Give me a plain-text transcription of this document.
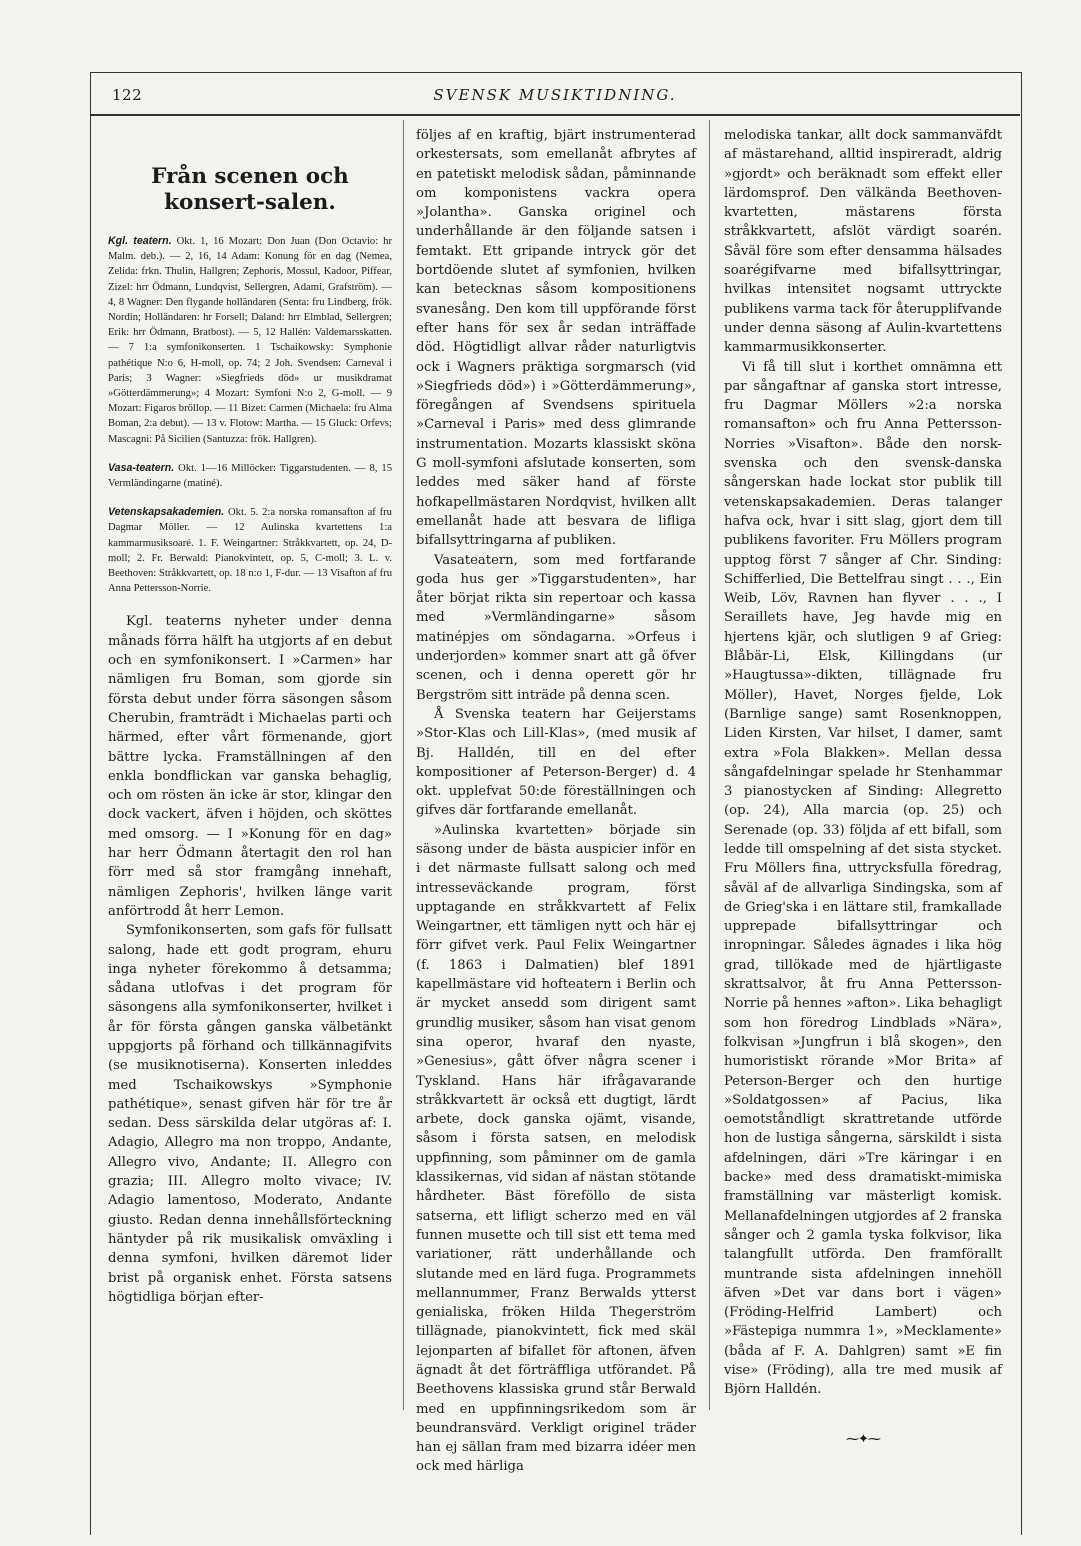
122	SVENSK MUSIKTIDNING.
Från scenen och konsert-salen.

Kgl. teatern. Okt. 1, 16 Mozart: Don Juan (Don Octavio: hr Malm. deb.). — 2, 16, 14 Adam: Konung för en dag (Nemea, Zelida: frkn. Thulin, Hallgren; Zephoris, Mossul, Kadoor, Piffear, Zizel: hrr Ödmann, Lundqvist, Sellergren, Adami, Grafström). — 4, 8 Wagner: Den flygande holländaren (Senta: fru Lindberg, frök. Nordin; Holländaren: hr Forsell; Daland: hrr Elmblad, Sellergren; Erik: hrr Ödmann, Bratbost). — 5, 12 Hallén: Valdemarsskatten. — 7 1:a symfonikonserten. 1 Tschaikowsky: Symphonie pathétique N:o 6, H-moll, op. 74; 2 Joh. Svendsen: Carneval i Paris; 3 Wagner: »Siegfrieds död» ur musikdramat »Götterdämmerung»; 4 Mozart: Symfoni N:o 2, G-moll. — 9 Mozart: Figaros bröllop. — 11 Bizet: Carmen (Michaela: fru Alma Boman, 2:a debut). — 13 v. Flotow: Martha. — 15 Gluck: Orfevs; Mascagni: På Sicilien (Santuzza: frök. Hallgren).

Vasa-teatern. Okt. 1—16 Millöcker: Tiggarstudenten. — 8, 15 Vermländingarne (matiné).

Vetenskapsakademien. Okt. 5. 2:a norska romansafton af fru Dagmar Möller. — 12 Aulinska kvartettens 1:a kammarmusiksoaré. 1. F. Weingartner: Stråkkvartett, op. 24, D-moll; 2. Fr. Berwald: Pianokvintett, op. 5, C-moll; 3. L. v. Beethoven: Stråkkvartett, op. 18 n:o 1, F-dur. — 13 Visafton af fru Anna Pettersson-Norrie.

Kgl. teaterns nyheter under denna månads förra hälft ha utgjorts af en debut och en symfonikonsert. I »Carmen» har nämligen fru Boman, som gjorde sin första debut under förra säsongen såsom Cherubin, framträdt i Michaelas parti och härmed, efter vårt förmenande, gjort bättre lycka. Framställningen af den enkla bondflickan var ganska behaglig, och om rösten än icke är stor, klingar den dock vackert, äfven i höjden, och sköttes med omsorg. — I »Konung för en dag» har herr Ödmann återtagit den rol han förr med så stor framgång innehaft, nämligen Zephoris', hvilken länge varit anförtrodd åt herr Lemon.

Symfonikonserten, som gafs för fullsatt salong, hade ett godt program, ehuru inga nyheter förekommo å detsamma; sådana utlofvas i det program för säsongens alla symfonikonserter, hvilket i år för första gången ganska välbetänkt uppgjorts på förhand och tillkännagifvits (se musiknotiserna). Konserten inleddes med Tschaikowskys »Symphonie pathétique», senast gifven här för tre år sedan. Dess särskilda delar utgöras af: I. Adagio, Allegro ma non troppo, Andante, Allegro vivo, Andante; II. Allegro con grazia; III. Allegro molto vivace; IV. Adagio lamentoso, Moderato, Andante giusto. Redan denna innehållsförteckning häntyder på rik musikalisk omväxling i denna symfoni, hvilken däremot lider brist på organisk enhet. Första satsens högtidliga början efter-

följes af en kraftig, bjärt instrumenterad orkestersats, som emellanåt afbrytes af en patetiskt melodisk sådan, påminnande om komponistens vackra opera »Jolantha». Ganska originel och underhållande är den följande satsen i femtakt. Ett gripande intryck gör det bortdöende slutet af symfonien, hvilken kan betecknas såsom kompositionens svanesång. Den kom till uppförande först efter hans för sex år sedan inträffade död. Högtidligt allvar råder naturligtvis ock i Wagners präktiga sorgmarsch (vid »Siegfrieds död») i »Götterdämmerung», föregången af Svendsens spirituela »Carneval i Paris» med dess glimrande instrumentation. Mozarts klassiskt sköna G moll-symfoni afslutade konserten, som leddes med säker hand af förste hofkapellmästaren Nordqvist, hvilken allt emellanåt hade att besvara de lifliga bifallsyttringarna af publiken.

Vasateatern, som med fortfarande goda hus ger »Tiggarstudenten», har åter börjat rikta sin repertoar och kassa med »Vermländingarne» såsom matinépjes om söndagarna. »Orfeus i underjorden» kommer snart att gå öfver scenen, och i denna operett gör hr Bergström sitt inträde på denna scen.

Å Svenska teatern har Geijerstams »Stor-Klas och Lill-Klas», (med musik af Bj. Halldén, till en del efter kompositioner af Peterson-Berger) d. 4 okt. upplefvat 50:de föreställningen och gifves där fortfarande emellanåt.

»Aulinska kvartetten» började sin säsong under de bästa auspicier inför en i det närmaste fullsatt salong och med intresseväckande program, först upptagande en stråkkvartett af Felix Weingartner, ett tämligen nytt och här ej förr gifvet verk. Paul Felix Weingartner (f. 1863 i Dalmatien) blef 1891 kapellmästare vid hofteatern i Berlin och är mycket ansedd som dirigent samt grundlig musiker, såsom han visat genom sina operor, hvaraf den nyaste, »Genesius», gått öfver några scener i Tyskland. Hans här ifrågavarande stråkkvartett är också ett dugtigt, lärdt arbete, dock ganska ojämt, visande, såsom i första satsen, en melodisk uppfinning, som påminner om de gamla klassikernas, vid sidan af nästan stötande hårdheter. Bäst föreföllo de sista satserna, ett lifligt scherzo med en väl funnen musette och till sist ett tema med variationer, rätt underhållande och slutande med en lärd fuga. Programmets mellannummer, Franz Berwalds ytterst genialiska, fröken Hilda Thegerström tillägnade, pianokvintett, fick med skäl lejonparten af bifallet för aftonen, äfven ägnadt åt det förträffliga utförandet. På Beethovens klassiska grund står Berwald med en uppfinningsrikedom som är beundransvärd. Verkligt originel träder han ej sällan fram med bizarra idéer men ock med härliga

melodiska tankar, allt dock sammanväfdt af mästarehand, alltid inspireradt, aldrig »gjordt» och beräknadt som effekt eller lärdomsprof. Den välkända Beethoven-kvartetten, mästarens första stråkkvartett, afslöt värdigt soarén. Såväl före som efter densamma hälsades soarégifvarne med bifallsyttringar, hvilkas intensitet nogsamt uttryckte publikens varma tack för återupplifvande under denna säsong af Aulin-kvartettens kammarmusikkonserter.

Vi få till slut i korthet omnämna ett par sångaftnar af ganska stort intresse, fru Dagmar Möllers »2:a norska romansafton» och fru Anna Pettersson-Norries »Visafton». Både den norsk-svenska och den svensk-danska sångerskan hade lockat stor publik till vetenskapsakademien. Deras talanger hafva ock, hvar i sitt slag, gjort dem till publikens favoriter. Fru Möllers program upptog först 7 sånger af Chr. Sinding: Schifferlied, Die Bettelfrau singt . . ., Ein Weib, Löv, Ravnen han flyver . . ., I Seraillets have, Jeg havde mig en hjertens kjär, och slutligen 9 af Grieg: Blåbär-Li, Elsk, Killingdans (ur »Haugtussa»-dikten, tillägnade fru Möller), Havet, Norges fjelde, Lok (Barnlige sange) samt Rosenknoppen, Liden Kirsten, Var hilset, I damer, samt extra »Fola Blakken». Mellan dessa sångafdelningar spelade hr Stenhammar 3 pianostycken af Sinding: Allegretto (op. 24), Alla marcia (op. 25) och Serenade (op. 33) följda af ett bifall, som ledde till omspelning af det sista stycket. Fru Möllers fina, uttrycksfulla föredrag, såväl af de allvarliga Sindingska, som af de Grieg'ska i en lättare stil, framkallade upprepade bifallsyttringar och inropningar. Således ägnades i lika hög grad, tillökade med de hjärtligaste skrattsalvor, åt fru Anna Pettersson-Norrie på hennes »afton». Lika behagligt som hon föredrog Lindblads »Nära», folkvisan »Jungfrun i blå skogen», den humoristiskt rörande »Mor Brita» af Peterson-Berger och den hurtige »Soldatgossen» af Pacius, lika oemotståndligt skrattretande utförde hon de lustiga sångerna, särskildt i sista afdelningen, däri »Tre käringar i en backe» med dess dramatiskt-mimiska framställning var mästerligt komisk. Mellanafdelningen utgjordes af 2 franska sånger och 2 gamla tyska folkvisor, lika talangfullt utförda. Den framförallt muntrande sista afdelningen innehöll äfven »Det var dans bort i vägen» (Fröding-Helfrid Lambert) och »Fästepiga nummra 1», »Mecklamente» (båda af F. A. Dahlgren) samt »E fin vise» (Fröding), alla tre med musik af Björn Halldén.

⁓✦⁓
